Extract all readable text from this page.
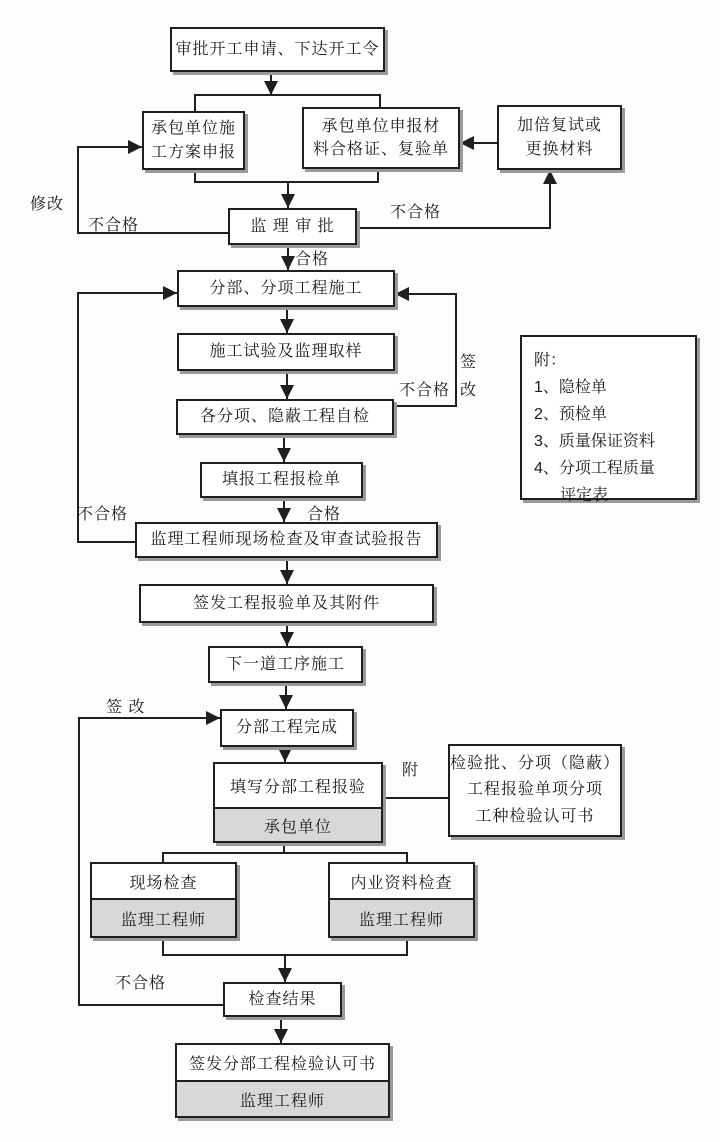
审批开工申请、下达开工令
承包单位施
工方案申报
承包单位申报材
料合格证、复验单
加倍复试或
更换材料
监 理 审 批
分部、分项工程施工
施工试验及监理取样
各分项、隐蔽工程自检
填报工程报检单
监理工程师现场检查及审查试验报告
签发工程报验单及其附件
下一道工序施工
分部工程完成
填写分部工程报验
承包单位
检验批、分项（隐蔽）
工程报验单项分项
工种检验认可书
现场检查
监理工程师
内业资料检查
监理工程师
检查结果
签发分部工程检验认可书
监理工程师
附：
1、隐检单
2、预检单
3、质量保证资料
4、分项工程质量
评定表
修改
不合格
不合格
合格
签
改
不合格
不合格	合格
签 改
附
不合格
